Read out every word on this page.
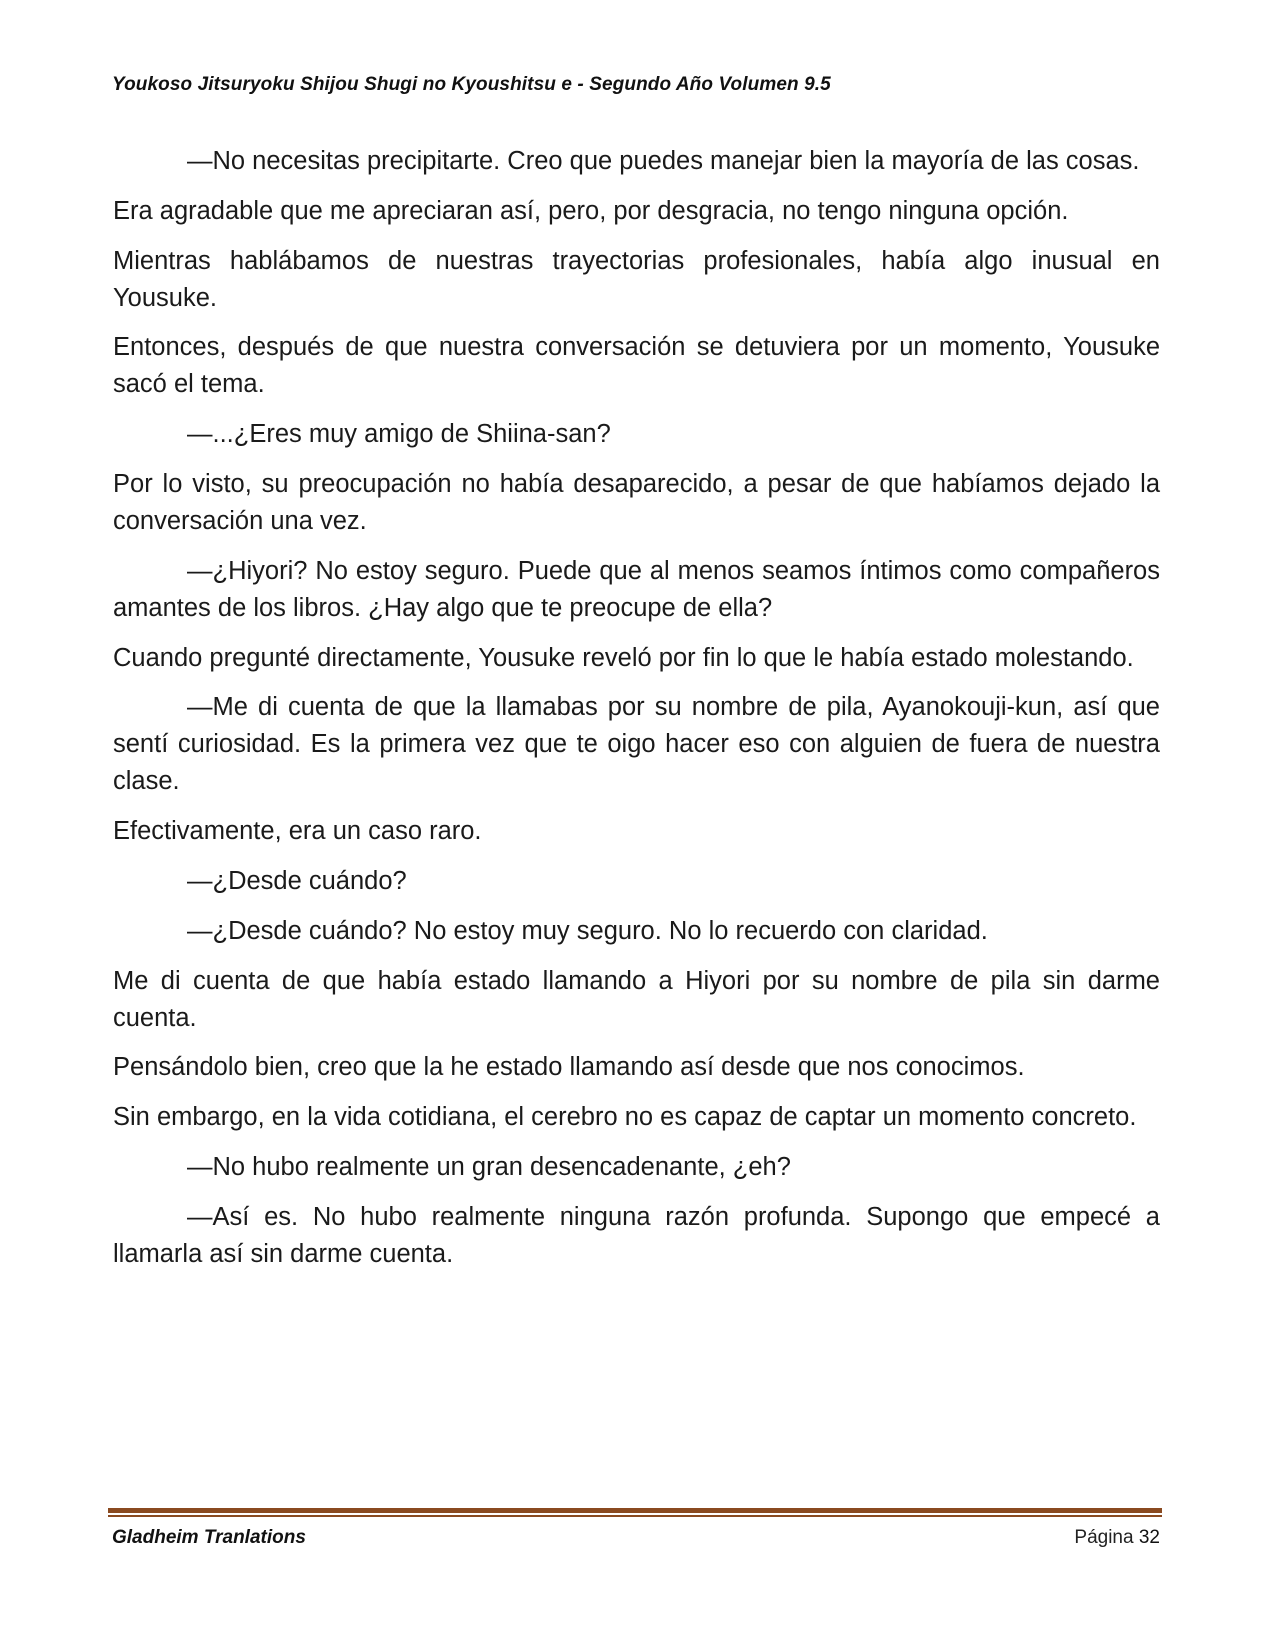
Youkoso Jitsuryoku Shijou Shugi no Kyoushitsu e - Segundo Año Volumen 9.5

—No necesitas precipitarte. Creo que puedes manejar bien la mayoría de las cosas.

Era agradable que me apreciaran así, pero, por desgracia, no tengo ninguna opción.

Mientras hablábamos de nuestras trayectorias profesionales, había algo inusual en Yousuke.

Entonces, después de que nuestra conversación se detuviera por un momento, Yousuke sacó el tema.

—...¿Eres muy amigo de Shiina-san?

Por lo visto, su preocupación no había desaparecido, a pesar de que habíamos dejado la conversación una vez.

—¿Hiyori? No estoy seguro. Puede que al menos seamos íntimos como compañeros amantes de los libros. ¿Hay algo que te preocupe de ella?

Cuando pregunté directamente, Yousuke reveló por fin lo que le había estado molestando.

—Me di cuenta de que la llamabas por su nombre de pila, Ayanokouji-kun, así que sentí curiosidad. Es la primera vez que te oigo hacer eso con alguien de fuera de nuestra clase.

Efectivamente, era un caso raro.

—¿Desde cuándo?

—¿Desde cuándo? No estoy muy seguro. No lo recuerdo con claridad.

Me di cuenta de que había estado llamando a Hiyori por su nombre de pila sin darme cuenta.

Pensándolo bien, creo que la he estado llamando así desde que nos conocimos.

Sin embargo, en la vida cotidiana, el cerebro no es capaz de captar un momento concreto.

—No hubo realmente un gran desencadenante, ¿eh?

—Así es. No hubo realmente ninguna razón profunda. Supongo que empecé a llamarla así sin darme cuenta.

Gladheim Tranlations	Página 32
